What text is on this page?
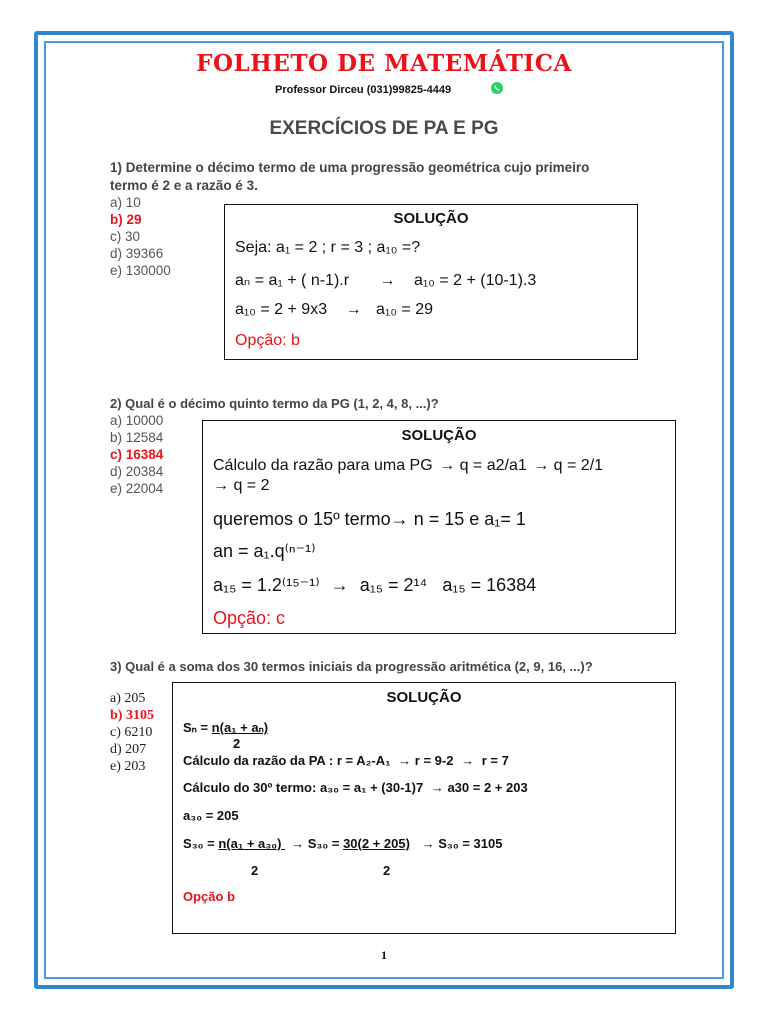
FOLHETO DE MATEMÁTICA
Professor Dirceu (031)99825-4449
EXERCÍCIOS DE PA E PG
1) Determine o décimo termo de uma progressão geométrica cujo primeiro
termo é 2 e a razão é 3.
a) 10
b) 29
c) 30
d) 39366
e) 130000
SOLUÇÃO
Seja: a₁ = 2 ; r = 3 ; a₁₀ =?
aₙ = a₁ + ( n-1).r → a₁₀ = 2 + (10-1).3
a₁₀ = 2 + 9x3 → a₁₀ = 29
Opção: b
2) Qual é o décimo quinto termo da PG (1, 2, 4, 8, ...)?
a) 10000
b) 12584
c) 16384
d) 20384
e) 22004
SOLUÇÃO
Cálculo da razão para uma PG → q = a2/a1 → q = 2/1
→ q = 2
queremos o 15º termo→ n = 15 e a₁= 1
an = a₁.q⁽ⁿ⁻¹⁾
a₁₅ = 1.2⁽¹⁵⁻¹⁾ → a₁₅ = 2¹⁴ a₁₅ = 16384
Opção: c
3) Qual é a soma dos 30 termos iniciais da progressão aritmética (2, 9, 16, ...)?
a) 205
b) 3105
c) 6210
d) 207
e) 203
SOLUÇÃO
Sₙ = n(a₁ + aₙ)
2
Cálculo da razão da PA : r = A₂-A₁ → r = 9-2 → r = 7
Cálculo do 30º termo: a₃₀ = a₁ + (30-1)7 → a30 = 2 + 203
a₃₀ = 205
S₃₀ = n(a₁ + a₃₀) → S₃₀ = 30(2 + 205) → S₃₀ = 3105
2	2
Opção b
1
